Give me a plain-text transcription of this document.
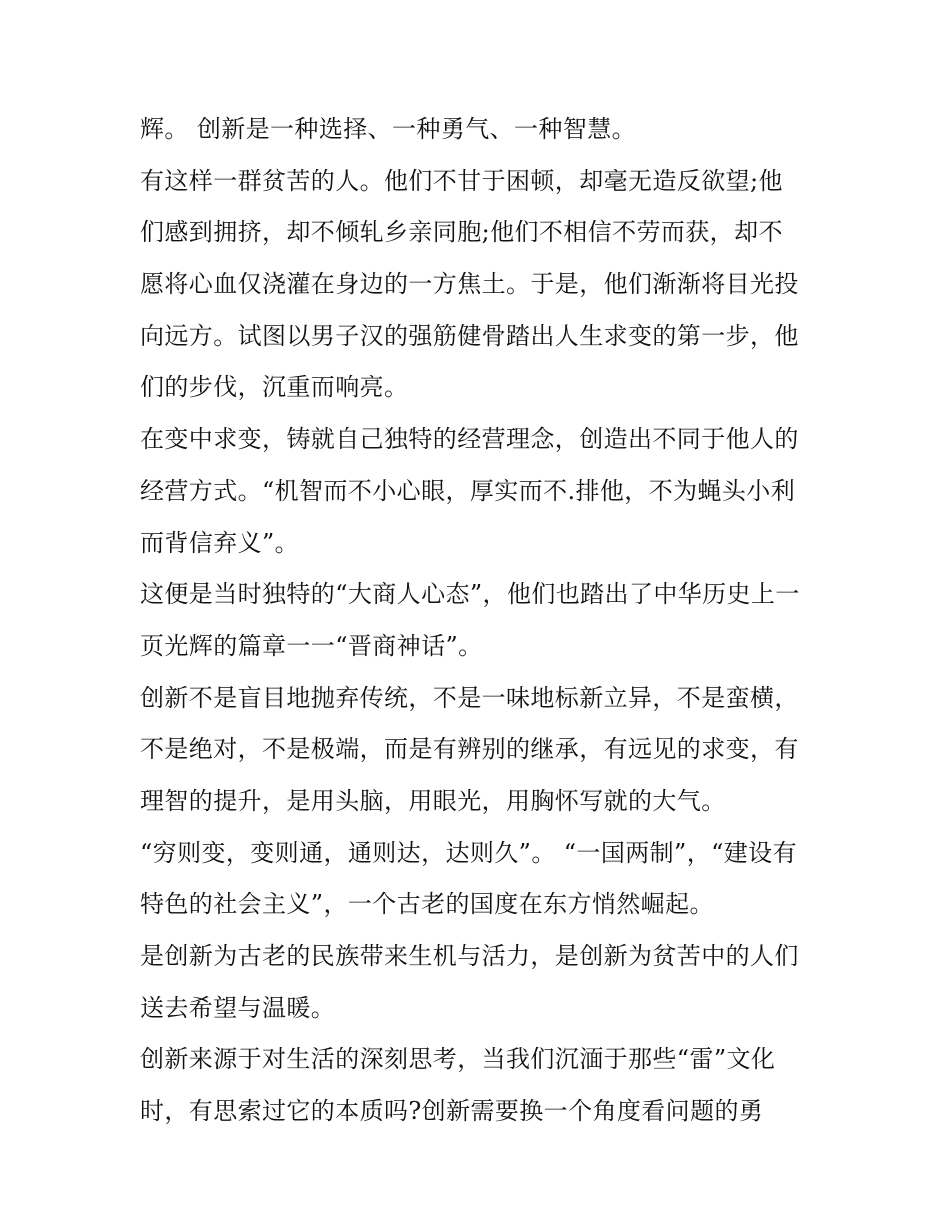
辉。 创新是一种选择、一种勇气、一种智慧。
有这样一群贫苦的人。他们不甘于困顿，却毫无造反欲望;他
们感到拥挤，却不倾轧乡亲同胞;他们不相信不劳而获，却不
愿将心血仅浇灌在身边的一方焦土。于是，他们渐渐将目光投
向远方。试图以男子汉的强筋健骨踏出人生求变的第一步，他
们的步伐，沉重而响亮。
在变中求变，铸就自己独特的经营理念，创造出不同于他人的
经营方式。“机智而不小心眼，厚实而不.排他，不为蝇头小利
而背信弃义”。
这便是当时独特的“大商人心态”，他们也踏出了中华历史上一
页光辉的篇章一一“晋商神话”。
创新不是盲目地抛弃传统，不是一味地标新立异，不是蛮横，
不是绝对，不是极端，而是有辨别的继承，有远见的求变，有
理智的提升，是用头脑，用眼光，用胸怀写就的大气。
“穷则变，变则通，通则达，达则久”。 “一国两制”，“建设有
特色的社会主义”，一个古老的国度在东方悄然崛起。
是创新为古老的民族带来生机与活力，是创新为贫苦中的人们
送去希望与温暖。
创新来源于对生活的深刻思考，当我们沉湎于那些“雷”文化
时，有思索过它的本质吗?创新需要换一个角度看问题的勇
